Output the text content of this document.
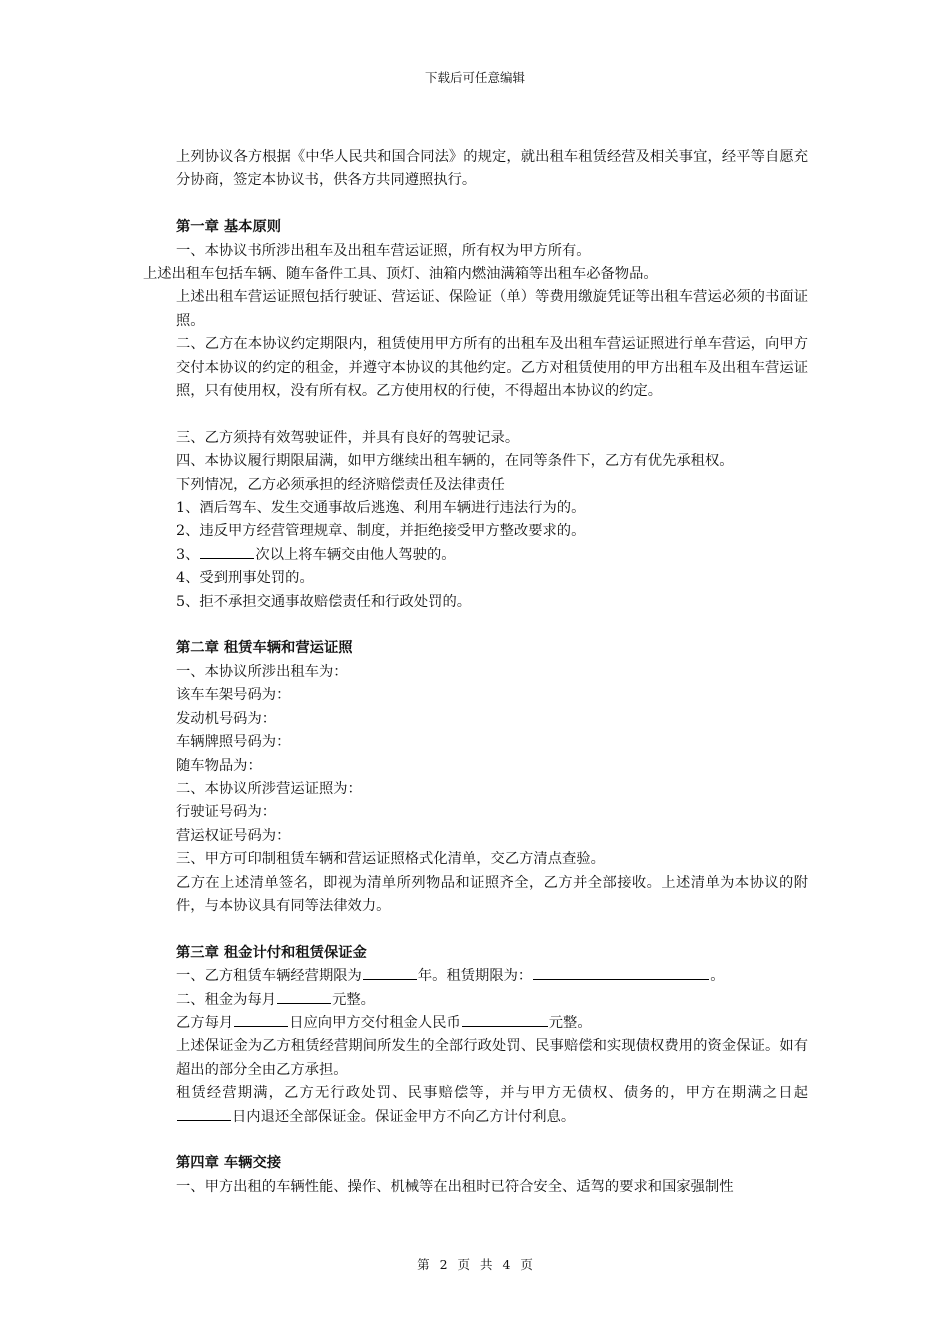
下载后可任意编辑

上列协议各方根据《中华人民共和国合同法》的规定，就出租车租赁经营及相关事宜，经平等自愿充分协商，签定本协议书，供各方共同遵照执行。

第一章 基本原则

一、本协议书所涉出租车及出租车营运证照，所有权为甲方所有。

上述出租车包括车辆、随车备件工具、顶灯、油箱内燃油满箱等出租车必备物品。

上述出租车营运证照包括行驶证、营运证、保险证（单）等费用缴旋凭证等出租车营运必须的书面证照。

二、乙方在本协议约定期限内，租赁使用甲方所有的出租车及出租车营运证照进行单车营运，向甲方交付本协议的约定的租金，并遵守本协议的其他约定。乙方对租赁使用的甲方出租车及出租车营运证照，只有使用权，没有所有权。乙方使用权的行使，不得超出本协议的约定。

三、乙方须持有效驾驶证件，并具有良好的驾驶记录。

四、本协议履行期限届满，如甲方继续出租车辆的，在同等条件下，乙方有优先承租权。

下列情况，乙方必须承担的经济赔偿责任及法律责任

1、酒后驾车、发生交通事故后逃逸、利用车辆进行违法行为的。

2、违反甲方经营管理规章、制度，并拒绝接受甲方整改要求的。

3、	次以上将车辆交由他人驾驶的。

4、受到刑事处罚的。

5、拒不承担交通事故赔偿责任和行政处罚的。

第二章 租赁车辆和营运证照

一、本协议所涉出租车为：

该车车架号码为：

发动机号码为：

车辆牌照号码为：

随车物品为：

二、本协议所涉营运证照为：

行驶证号码为：

营运权证号码为：

三、甲方可印制租赁车辆和营运证照格式化清单，交乙方清点查验。

乙方在上述清单签名，即视为清单所列物品和证照齐全，乙方并全部接收。上述清单为本协议的附件，与本协议具有同等法律效力。

第三章 租金计付和租赁保证金

一、乙方租赁车辆经营期限为	年。租赁期限为：	。

二、租金为每月	元整。

乙方每月	日应向甲方交付租金人民币	元整。

上述保证金为乙方租赁经营期间所发生的全部行政处罚、民事赔偿和实现债权费用的资金保证。如有超出的部分全由乙方承担。

租赁经营期满，乙方无行政处罚、民事赔偿等，并与甲方无债权、债务的，甲方在期满之日起日内退还全部保证金。保证金甲方不向乙方计付利息。

第四章 车辆交接

一、甲方出租的车辆性能、操作、机械等在出租时已符合安全、适驾的要求和国家强制性

第 2 页 共 4 页
